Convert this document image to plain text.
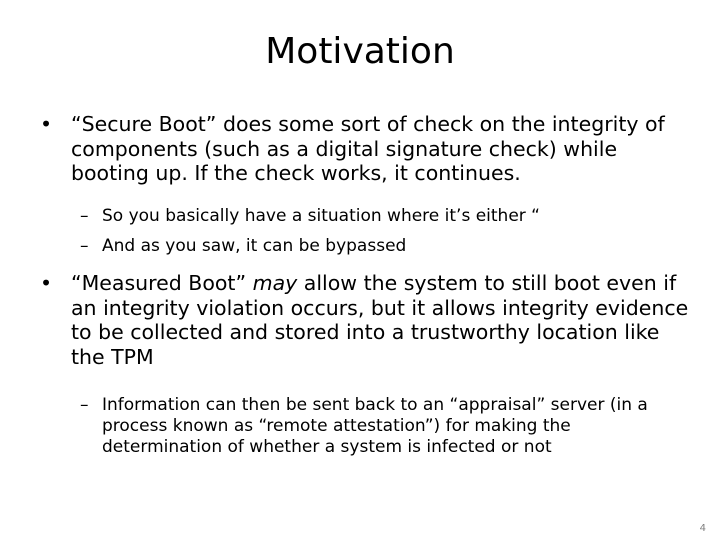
Motivation
• “Secure Boot” does some sort of check on the integrity of components (such as a digital signature check) while booting up. If the check works, it continues.
– So you basically have a situation where it’s either “
– And as you saw, it can be bypassed
• “Measured Boot” may allow the system to still boot even if an integrity violation occurs, but it allows integrity evidence to be collected and stored into a trustworthy location like the TPM
– Information can then be sent back to an “appraisal” server (in a process known as “remote attestation”) for making the determination of whether a system is infected or not
4
